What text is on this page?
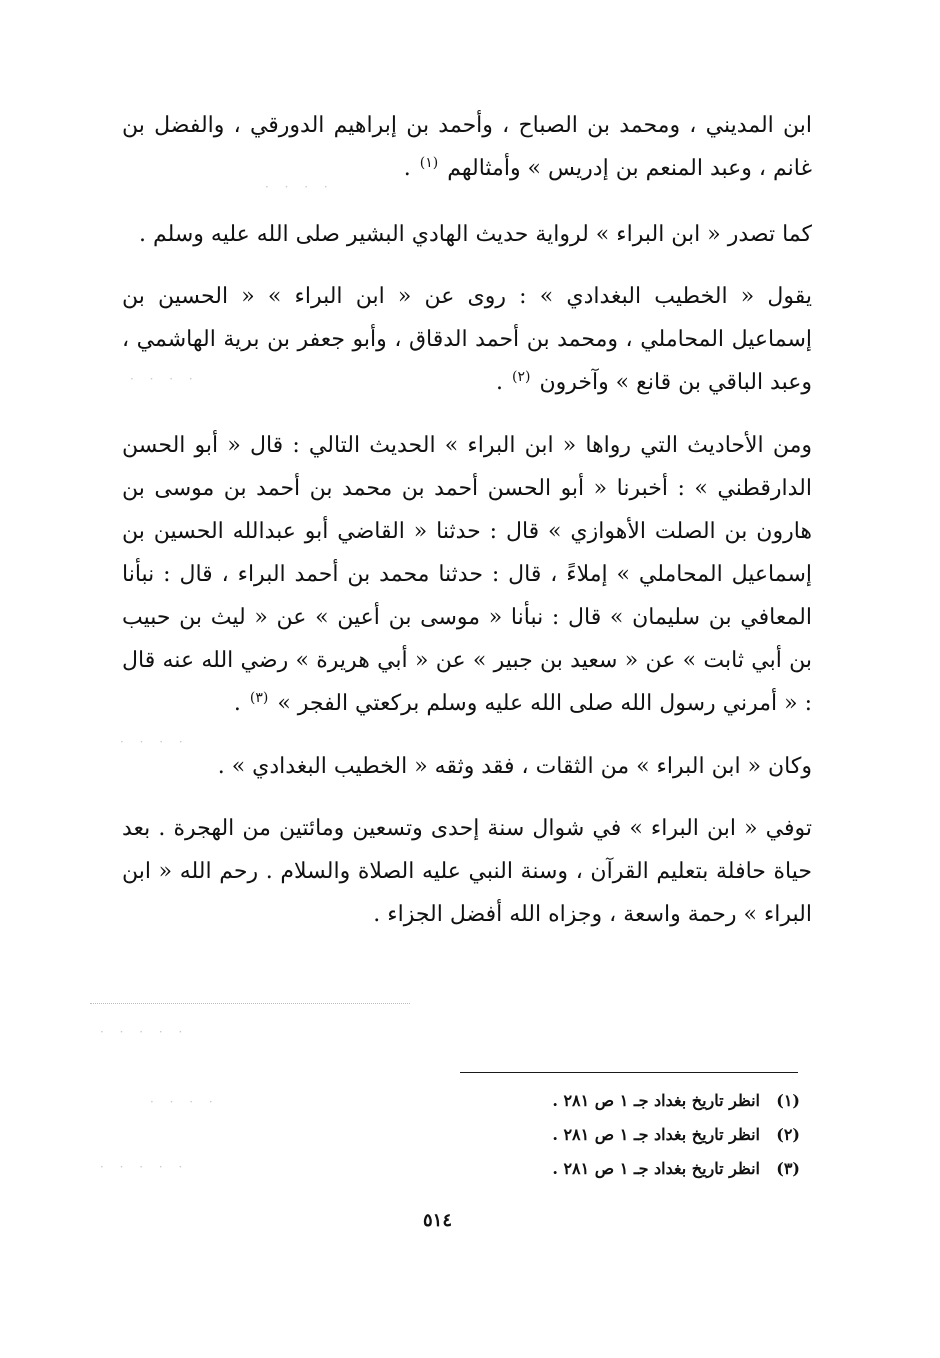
· · · ·
· · · ·
· · · ·
· · · · ·
· · · ·
· · · · ·

ابن المديني ، ومحمد بن الصباح ، وأحمد بن إبراهيم الدورقي ، والفضل بن غانم ، وعبد المنعم بن إدريس » وأمثالهم $^{(١)}$ .

كما تصدر « ابن البراء » لرواية حديث الهادي البشير صلى الله عليه وسلم .

يقول « الخطيب البغدادي » : روى عن « ابن البراء » « الحسين بن إسماعيل المحاملي ، ومحمد بن أحمد الدقاق ، وأبو جعفر بن برية الهاشمي ، وعبد الباقي بن قانع » وآخرون $^{(٢)}$ .

ومن الأحاديث التي رواها « ابن البراء » الحديث التالي : قال « أبو الحسن الدارقطني » : أخبرنا « أبو الحسن أحمد بن محمد بن أحمد بن موسى بن هارون بن الصلت الأهوازي » قال : حدثنا « القاضي أبو عبدالله الحسين بن إسماعيل المحاملي » إملاءً ، قال : حدثنا محمد بن أحمد البراء ، قال : نبأنا المعافي بن سليمان » قال : نبأنا « موسى بن أعين » عن « ليث بن حبيب بن أبي ثابت » عن « سعيد بن جبير » عن « أبي هريرة » رضي الله عنه قال : « أمرني رسول الله صلى الله عليه وسلم بركعتي الفجر » $^{(٣)}$ .

وكان « ابن البراء » من الثقات ، فقد وثقه « الخطيب البغدادي » .

توفي « ابن البراء » في شوال سنة إحدى وتسعين ومائتين من الهجرة . بعد حياة حافلة بتعليم القرآن ، وسنة النبي عليه الصلاة والسلام . رحم الله « ابن البراء » رحمة واسعة ، وجزاه الله أفضل الجزاء .

(١)
انظر تاريخ بغداد جـ ١ ص ٢٨١ .
(٢)
انظر تاريخ بغداد جـ ١ ص ٢٨١ .
(٣)
انظر تاريخ بغداد جـ ١ ص ٢٨١ .
٥١٤
